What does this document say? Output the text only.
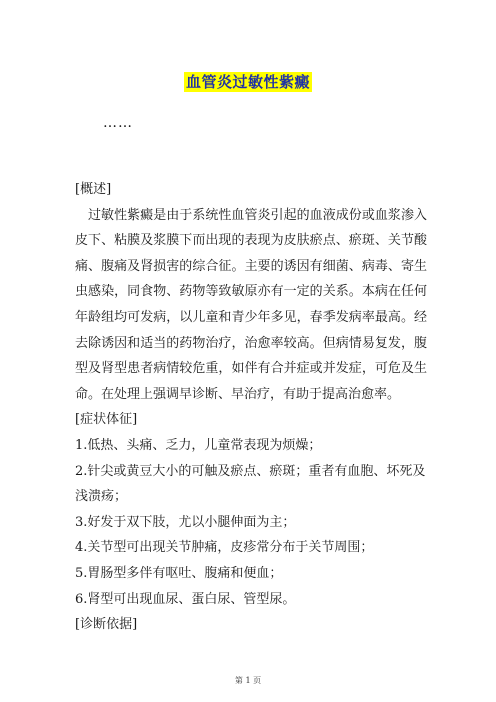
血管炎过敏性紫癜
……

[概述]

过敏性紫癜是由于系统性血管炎引起的血液成份或血浆渗入皮下、粘膜及浆膜下而出现的表现为皮肤瘀点、瘀斑、关节酸痛、腹痛及肾损害的综合征。主要的诱因有细菌、病毒、寄生虫感染，同食物、药物等致敏原亦有一定的关系。本病在任何年龄组均可发病，以儿童和青少年多见，春季发病率最高。经去除诱因和适当的药物治疗，治愈率较高。但病情易复发，腹型及肾型患者病情较危重，如伴有合并症或并发症，可危及生命。在处理上强调早诊断、早治疗，有助于提高治愈率。

[症状体征]

1.低热、头痛、乏力，儿童常表现为烦燥；

2.针尖或黄豆大小的可触及瘀点、瘀斑；重者有血胞、坏死及浅溃疡；

3.好发于双下肢，尤以小腿伸面为主；

4.关节型可出现关节肿痛，皮疹常分布于关节周围；

5.胃肠型多伴有呕吐、腹痛和便血；

6.肾型可出现血尿、蛋白尿、管型尿。

[诊断依据]

第 1 页
